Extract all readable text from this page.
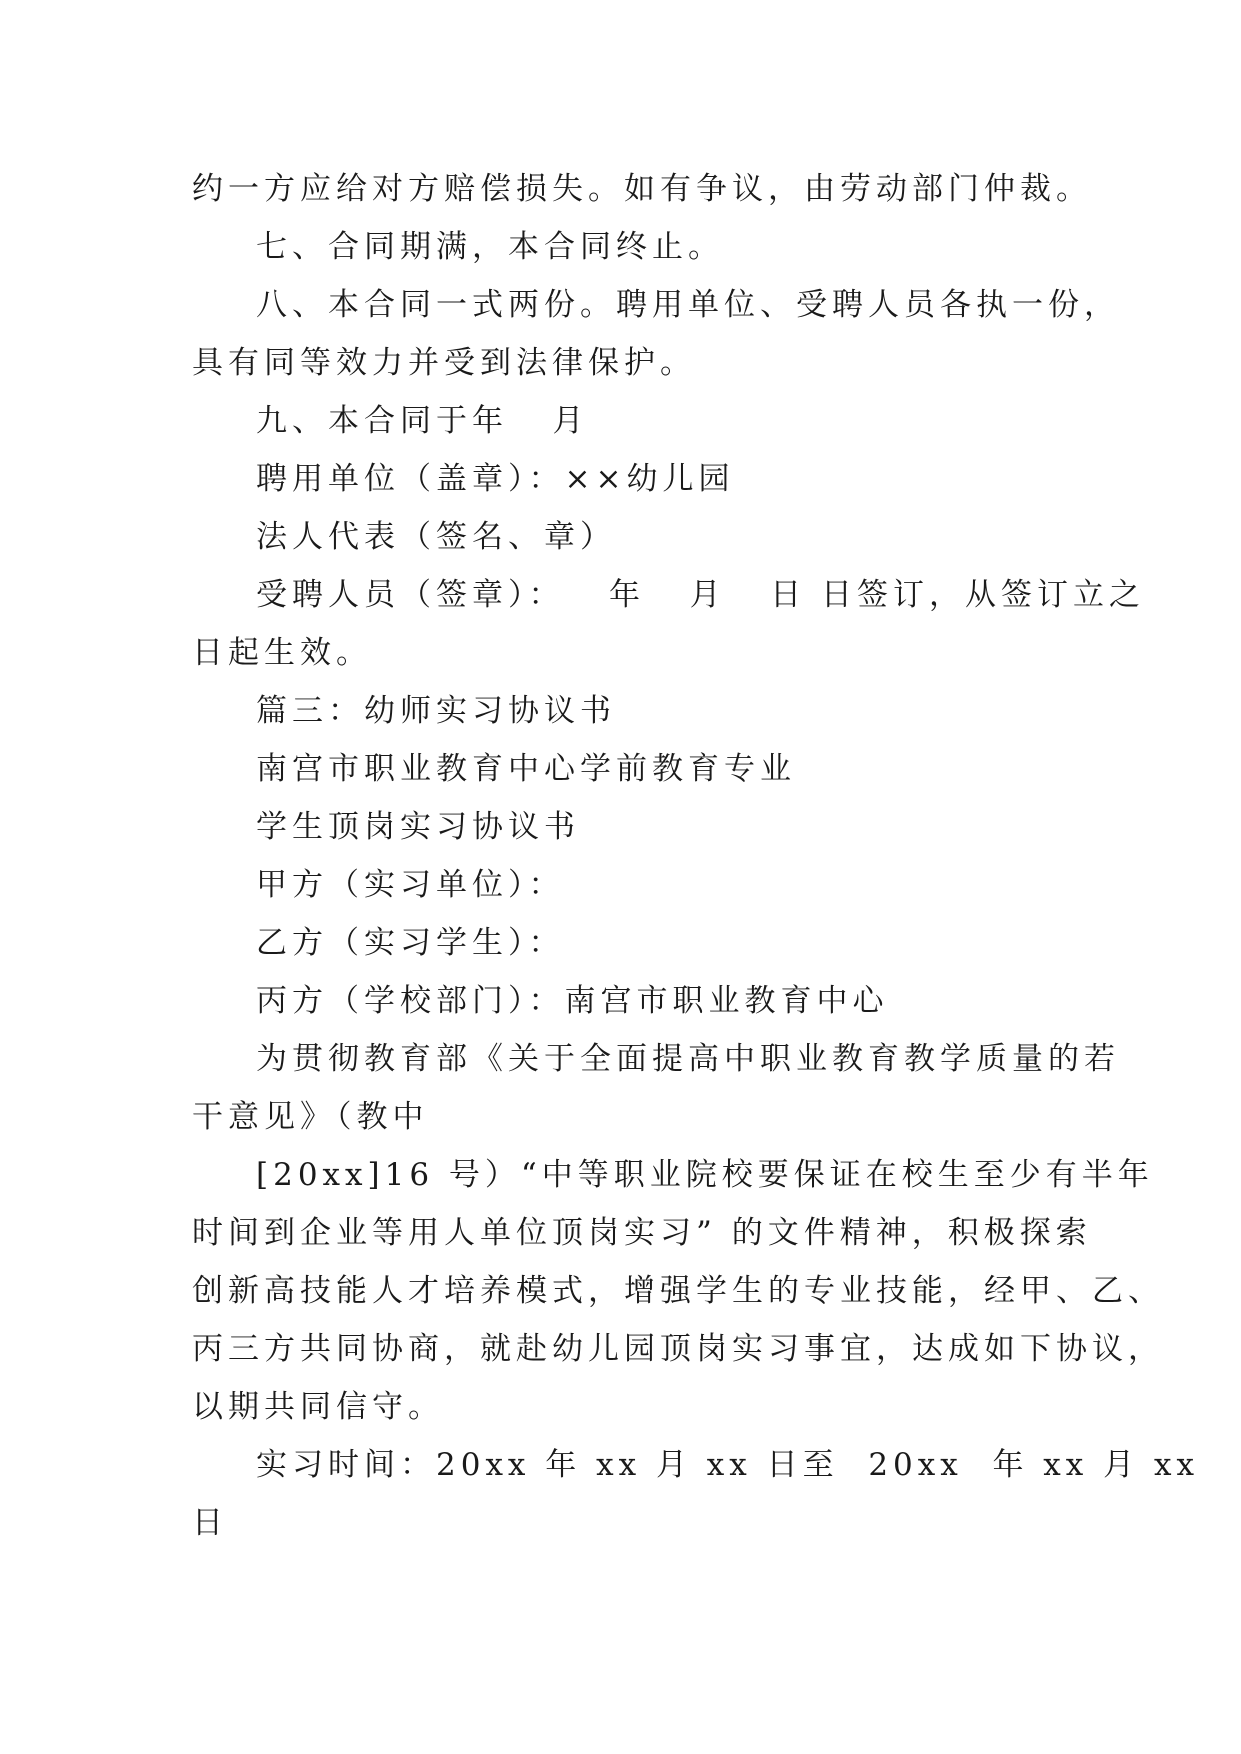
约一方应给对方赔偿损失。如有争议，由劳动部门仲裁。
七、合同期满，本合同终止。
八、本合同一式两份。聘用单位、受聘人员各执一份，
具有同等效力并受到法律保护。
九、本合同于年   月
聘用单位（盖章）：××幼儿园
法人代表（签名、章）
受聘人员（签章）：   年   月   日 日签订，从签订立之
日起生效。
篇三：幼师实习协议书
南宫市职业教育中心学前教育专业
学生顶岗实习协议书
甲方（实习单位）：
乙方（实习学生）：
丙方（学校部门）：南宫市职业教育中心
为贯彻教育部《关于全面提高中职业教育教学质量的若
干意见》（教中
[20xx]16 号）“中等职业院校要保证在校生至少有半年
时间到企业等用人单位顶岗实习” 的文件精神，积极探索
创新高技能人才培养模式，增强学生的专业技能，经甲、乙、
丙三方共同协商，就赴幼儿园顶岗实习事宜，达成如下协议，
以期共同信守。
实习时间：20xx 年 xx 月 xx 日至  20xx  年 xx 月 xx
日
